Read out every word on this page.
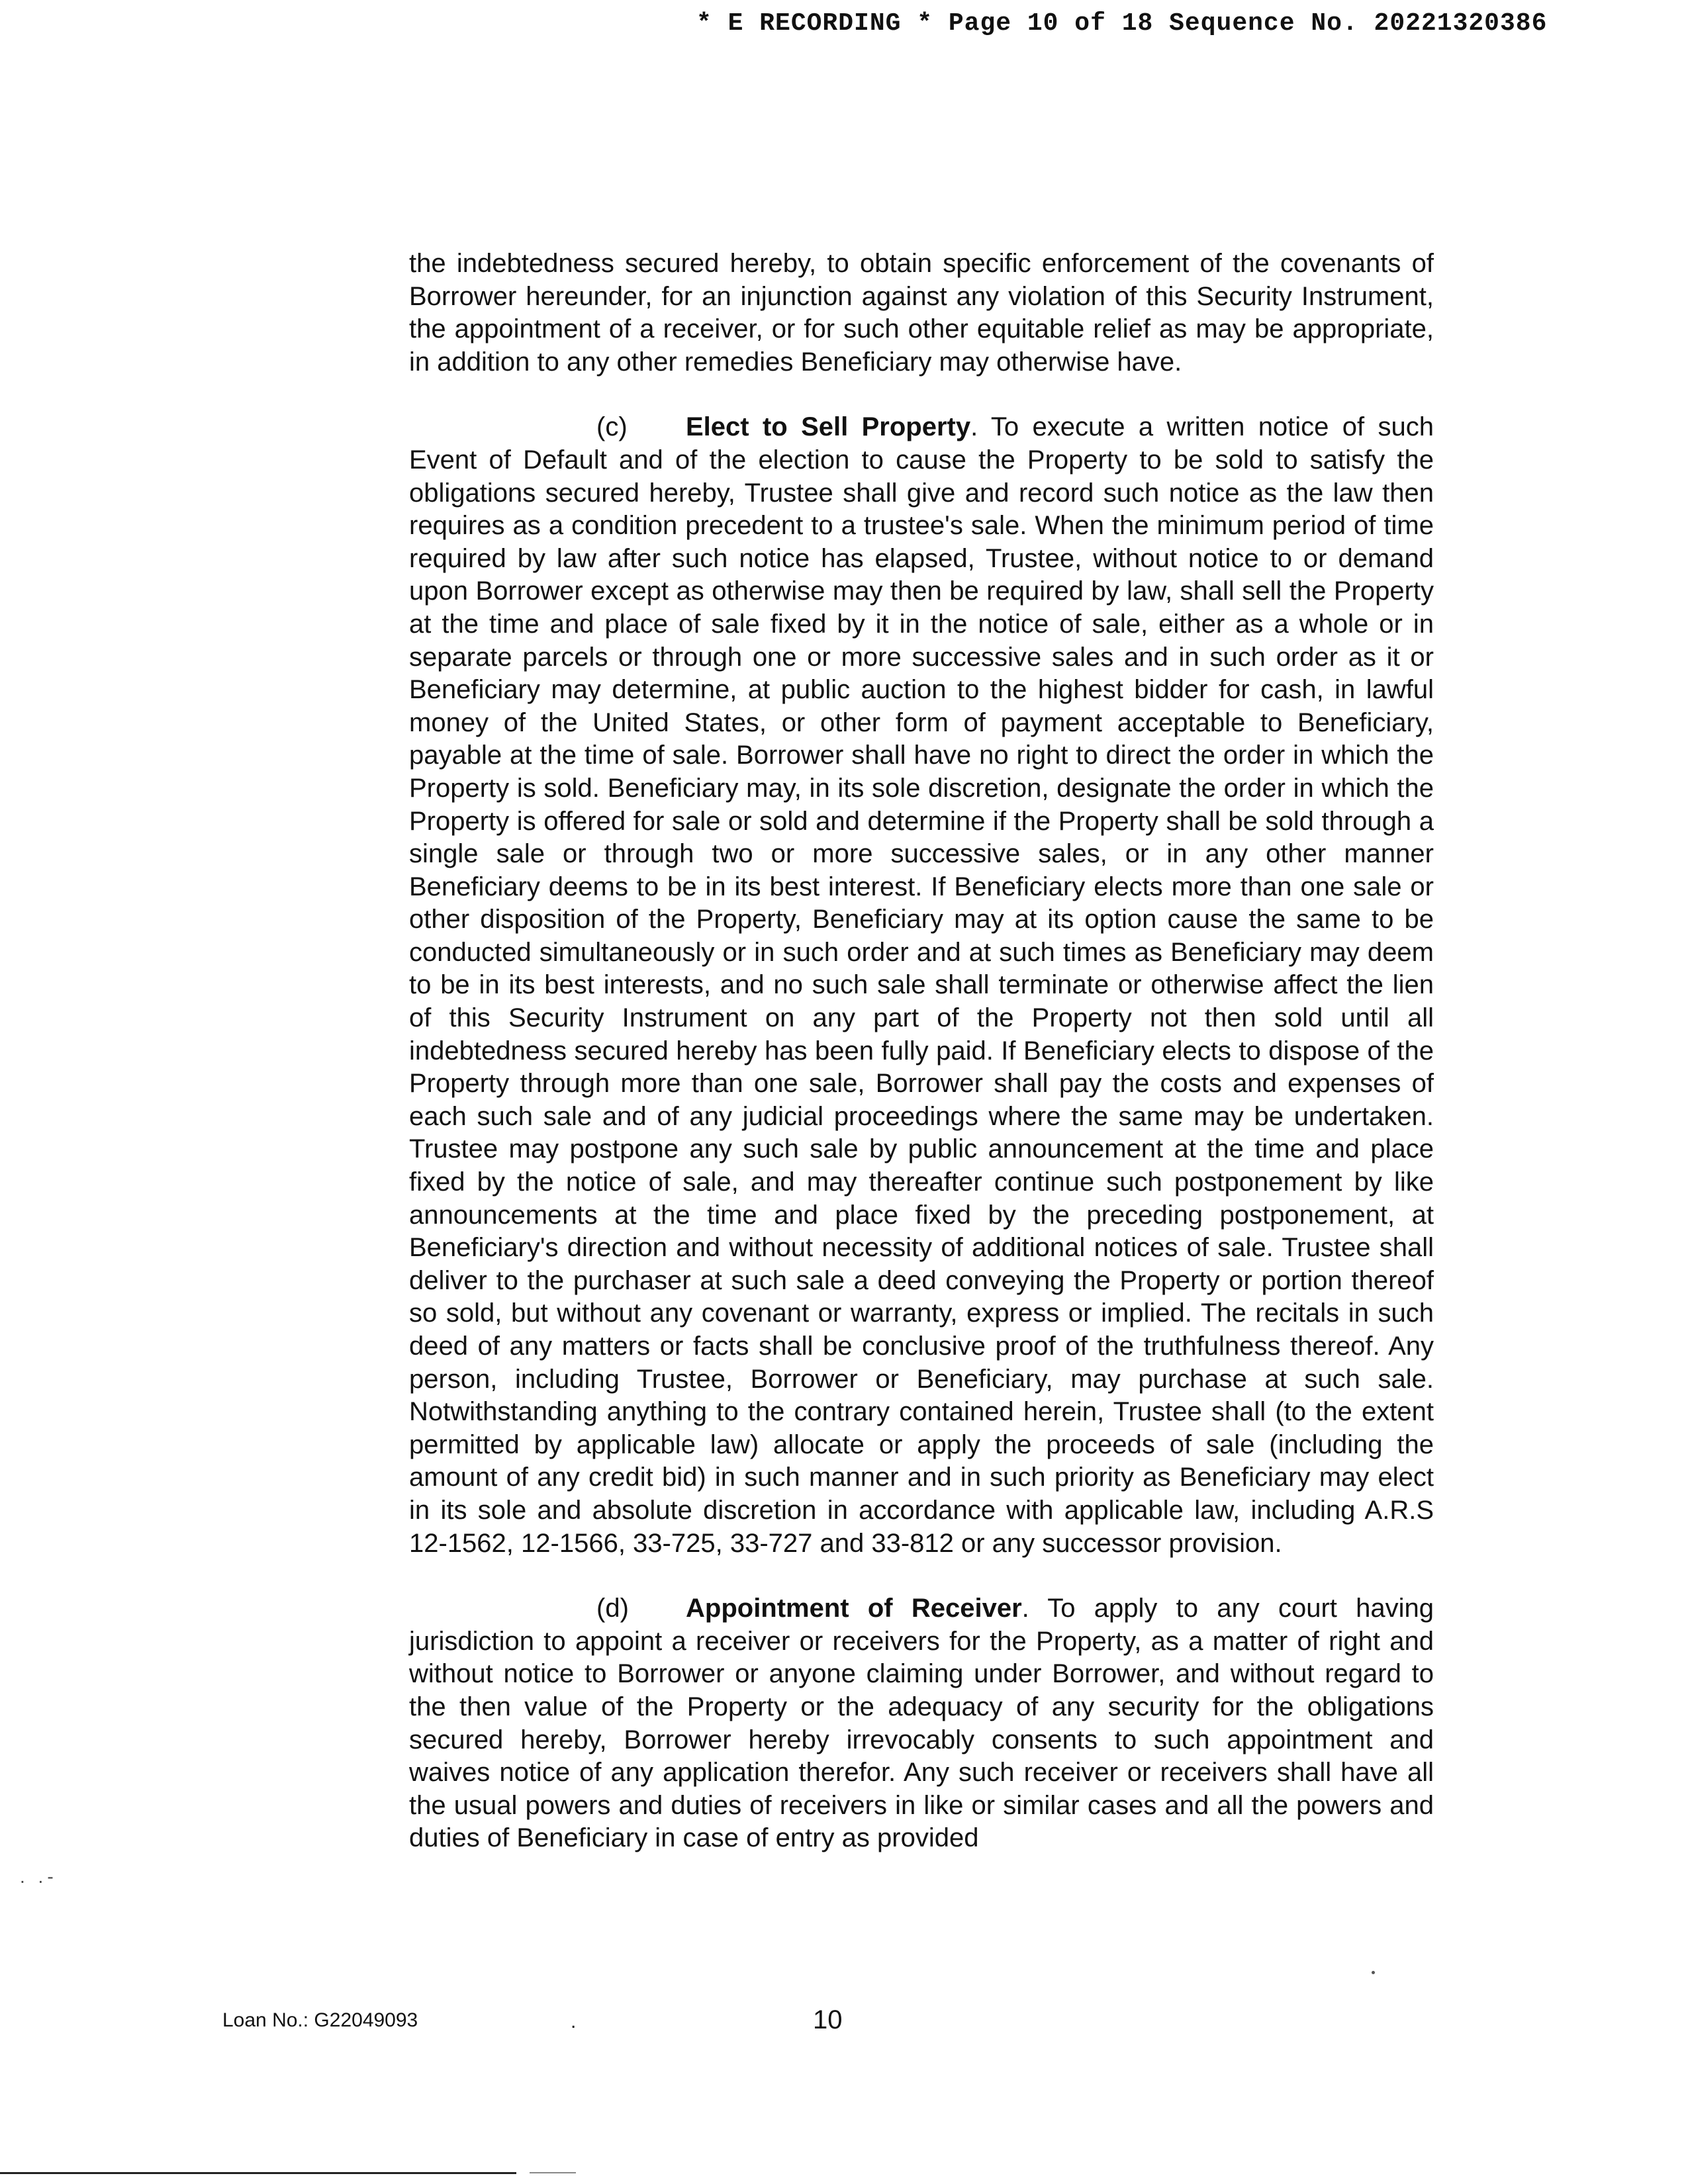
* E RECORDING * Page 10 of 18 Sequence No. 20221320386

the indebtedness secured hereby, to obtain specific enforcement of the covenants of Borrower hereunder, for an injunction against any violation of this Security Instrument, the appointment of a receiver, or for such other equitable relief as may be appropriate, in addition to any other remedies Beneficiary may otherwise have.

(c) Elect to Sell Property. To execute a written notice of such Event of Default and of the election to cause the Property to be sold to satisfy the obligations secured hereby, Trustee shall give and record such notice as the law then requires as a condition precedent to a trustee's sale. When the minimum period of time required by law after such notice has elapsed, Trustee, without notice to or demand upon Borrower except as otherwise may then be required by law, shall sell the Property at the time and place of sale fixed by it in the notice of sale, either as a whole or in separate parcels or through one or more successive sales and in such order as it or Beneficiary may determine, at public auction to the highest bidder for cash, in lawful money of the United States, or other form of payment acceptable to Beneficiary, payable at the time of sale. Borrower shall have no right to direct the order in which the Property is sold. Beneficiary may, in its sole discretion, designate the order in which the Property is offered for sale or sold and determine if the Property shall be sold through a single sale or through two or more successive sales, or in any other manner Beneficiary deems to be in its best interest. If Beneficiary elects more than one sale or other disposition of the Property, Beneficiary may at its option cause the same to be conducted simultaneously or in such order and at such times as Beneficiary may deem to be in its best interests, and no such sale shall terminate or otherwise affect the lien of this Security Instrument on any part of the Property not then sold until all indebtedness secured hereby has been fully paid. If Beneficiary elects to dispose of the Property through more than one sale, Borrower shall pay the costs and expenses of each such sale and of any judicial proceedings where the same may be undertaken. Trustee may postpone any such sale by public announcement at the time and place fixed by the notice of sale, and may thereafter continue such postponement by like announcements at the time and place fixed by the preceding postponement, at Beneficiary's direction and without necessity of additional notices of sale. Trustee shall deliver to the purchaser at such sale a deed conveying the Property or portion thereof so sold, but without any covenant or warranty, express or implied. The recitals in such deed of any matters or facts shall be conclusive proof of the truthfulness thereof. Any person, including Trustee, Borrower or Beneficiary, may purchase at such sale. Notwithstanding anything to the contrary contained herein, Trustee shall (to the extent permitted by applicable law) allocate or apply the proceeds of sale (including the amount of any credit bid) in such manner and in such priority as Beneficiary may elect in its sole and absolute discretion in accordance with applicable law, including A.R.S 12-1562, 12-1566, 33-725, 33-727 and 33-812 or any successor provision.

(d) Appointment of Receiver. To apply to any court having jurisdiction to appoint a receiver or receivers for the Property, as a matter of right and without notice to Borrower or anyone claiming under Borrower, and without regard to the then value of the Property or the adequacy of any security for the obligations secured hereby, Borrower hereby irrevocably consents to such appointment and waives notice of any application therefor. Any such receiver or receivers shall have all the usual powers and duties of receivers in like or similar cases and all the powers and duties of Beneficiary in case of entry as provided

. .-
Loan No.: G22049093	.	10
